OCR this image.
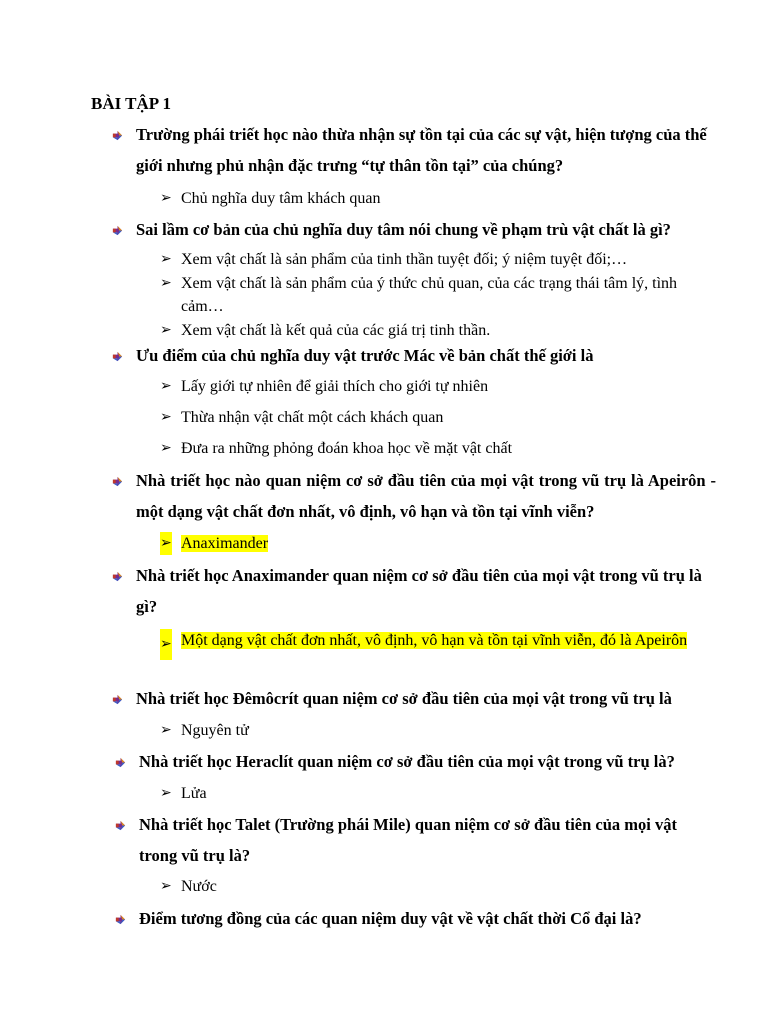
BÀI TẬP 1
Trường phái triết học nào thừa nhận sự tồn tại của các sự vật, hiện tượng của thế giới nhưng phủ nhận đặc trưng “tự thân tồn tại” của chúng?
➢ Chủ nghĩa duy tâm khách quan
Sai lầm cơ bản của chủ nghĩa duy tâm nói chung về phạm trù vật chất là gì?
➢ Xem vật chất là sản phẩm của tinh thần tuyệt đối; ý niệm tuyệt đối;…
➢ Xem vật chất là sản phẩm của ý thức chủ quan, của các trạng thái tâm lý, tình cảm…
➢ Xem vật chất là kết quả của các giá trị tinh thần.
Ưu điểm của chủ nghĩa duy vật trước Mác về bản chất thế giới là
➢ Lấy giới tự nhiên để giải thích cho giới tự nhiên
➢ Thừa nhận vật chất một cách khách quan
➢ Đưa ra những phỏng đoán khoa học về mặt vật chất
Nhà triết học nào quan niệm cơ sở đầu tiên của mọi vật trong vũ trụ là Apeirôn - một dạng vật chất đơn nhất, vô định, vô hạn và tồn tại vĩnh viễn?
➢ Anaximander
Nhà triết học Anaximander quan niệm cơ sở đầu tiên của mọi vật trong vũ trụ là gì?
➢ Một dạng vật chất đơn nhất, vô định, vô hạn và tồn tại vĩnh viễn, đó là Apeirôn
Nhà triết học Đêmôcrít quan niệm cơ sở đầu tiên của mọi vật trong vũ trụ là
➢ Nguyên tử
Nhà triết học Heraclít quan niệm cơ sở đầu tiên của mọi vật trong vũ trụ là?
➢ Lửa
Nhà triết học Talet (Trường phái Mile) quan niệm cơ sở đầu tiên của mọi vật trong vũ trụ là?
➢ Nước
Điểm tương đồng của các quan niệm duy vật về vật chất thời Cổ đại là?
